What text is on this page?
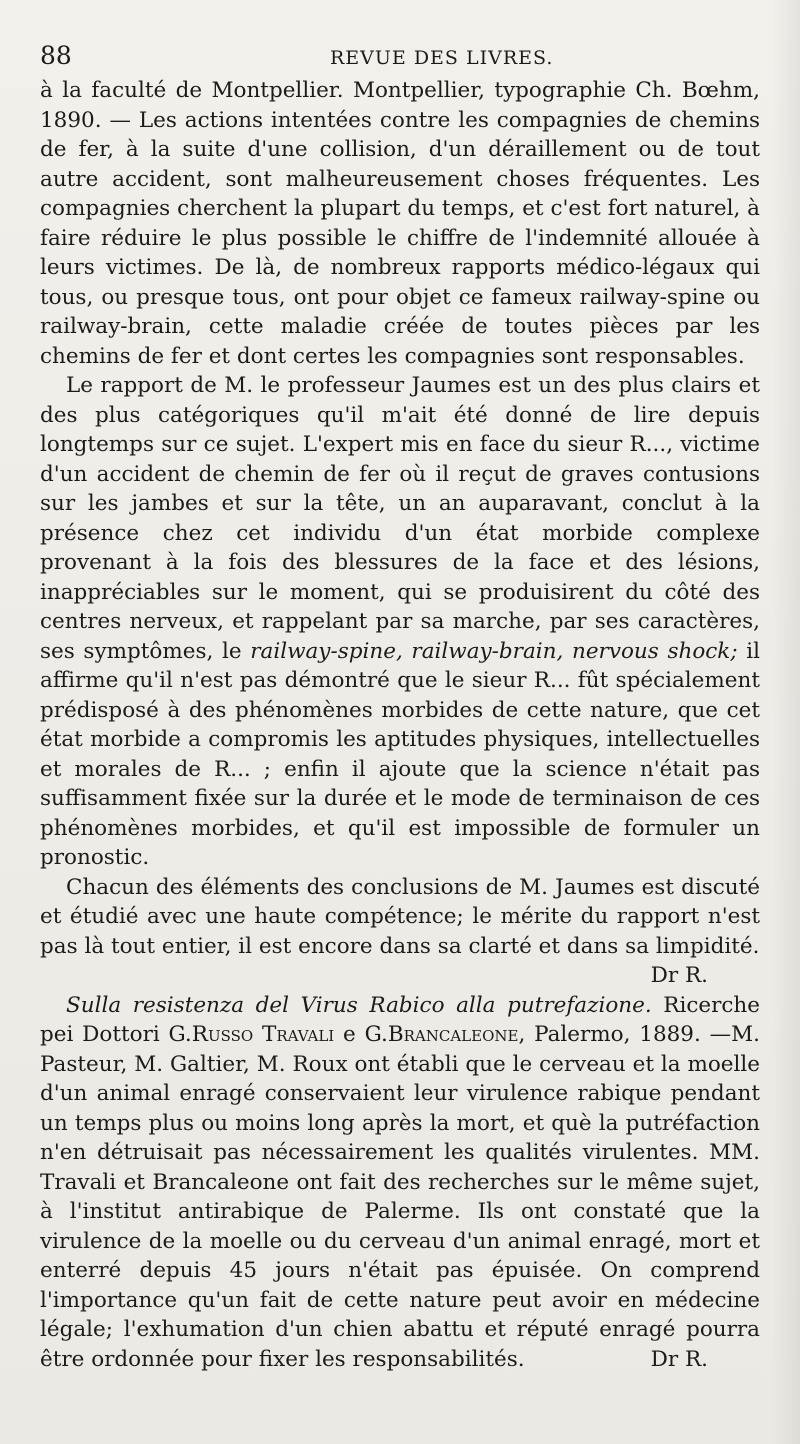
88	REVUE DES LIVRES.

à la faculté de Montpellier. Montpellier, typographie Ch. Bœhm, 1890. — Les actions intentées contre les compagnies de chemins de fer, à la suite d'une collision, d'un déraillement ou de tout autre accident, sont malheureusement choses fréquentes. Les compagnies cherchent la plupart du temps, et c'est fort naturel, à faire réduire le plus possible le chiffre de l'indemnité allouée à leurs victimes. De là, de nombreux rapports médico-légaux qui tous, ou presque tous, ont pour objet ce fameux railway-spine ou railway-brain, cette maladie créée de toutes pièces par les chemins de fer et dont certes les compagnies sont responsables.

Le rapport de M. le professeur Jaumes est un des plus clairs et des plus catégoriques qu'il m'ait été donné de lire depuis longtemps sur ce sujet. L'expert mis en face du sieur R..., victime d'un accident de chemin de fer où il reçut de graves contusions sur les jambes et sur la tête, un an auparavant, conclut à la présence chez cet individu d'un état morbide complexe provenant à la fois des blessures de la face et des lésions, inappréciables sur le moment, qui se produisirent du côté des centres nerveux, et rappelant par sa marche, par ses caractères, ses symptômes, le railway-spine, railway-brain, nervous shock; il affirme qu'il n'est pas démontré que le sieur R... fût spécialement prédisposé à des phénomènes morbides de cette nature, que cet état morbide a compromis les aptitudes physiques, intellectuelles et morales de R... ; enfin il ajoute que la science n'était pas suffisamment fixée sur la durée et le mode de terminaison de ces phénomènes morbides, et qu'il est impossible de formuler un pronostic.

Chacun des éléments des conclusions de M. Jaumes est discuté et étudié avec une haute compétence; le mérite du rapport n'est pas là tout entier, il est encore dans sa clarté et dans sa limpidité.
Dr R.

Sulla resistenza del Virus Rabico alla putrefazione. Ricerche pei Dottori G.Russo Travali e G.Brancaleone, Palermo, 1889. —M. Pasteur, M. Galtier, M. Roux ont établi que le cerveau et la moelle d'un animal enragé conservaient leur virulence rabique pendant un temps plus ou moins long après la mort, et què la putréfaction n'en détruisait pas nécessairement les qualités virulentes. MM. Travali et Brancaleone ont fait des recherches sur le même sujet, à l'institut antirabique de Palerme. Ils ont constaté que la virulence de la moelle ou du cerveau d'un animal enragé, mort et enterré depuis 45 jours n'était pas épuisée. On comprend l'importance qu'un fait de cette nature peut avoir en médecine légale; l'exhumation d'un chien abattu et réputé enragé pourra être ordonnée pour fixer les responsabilités.	Dr R.
